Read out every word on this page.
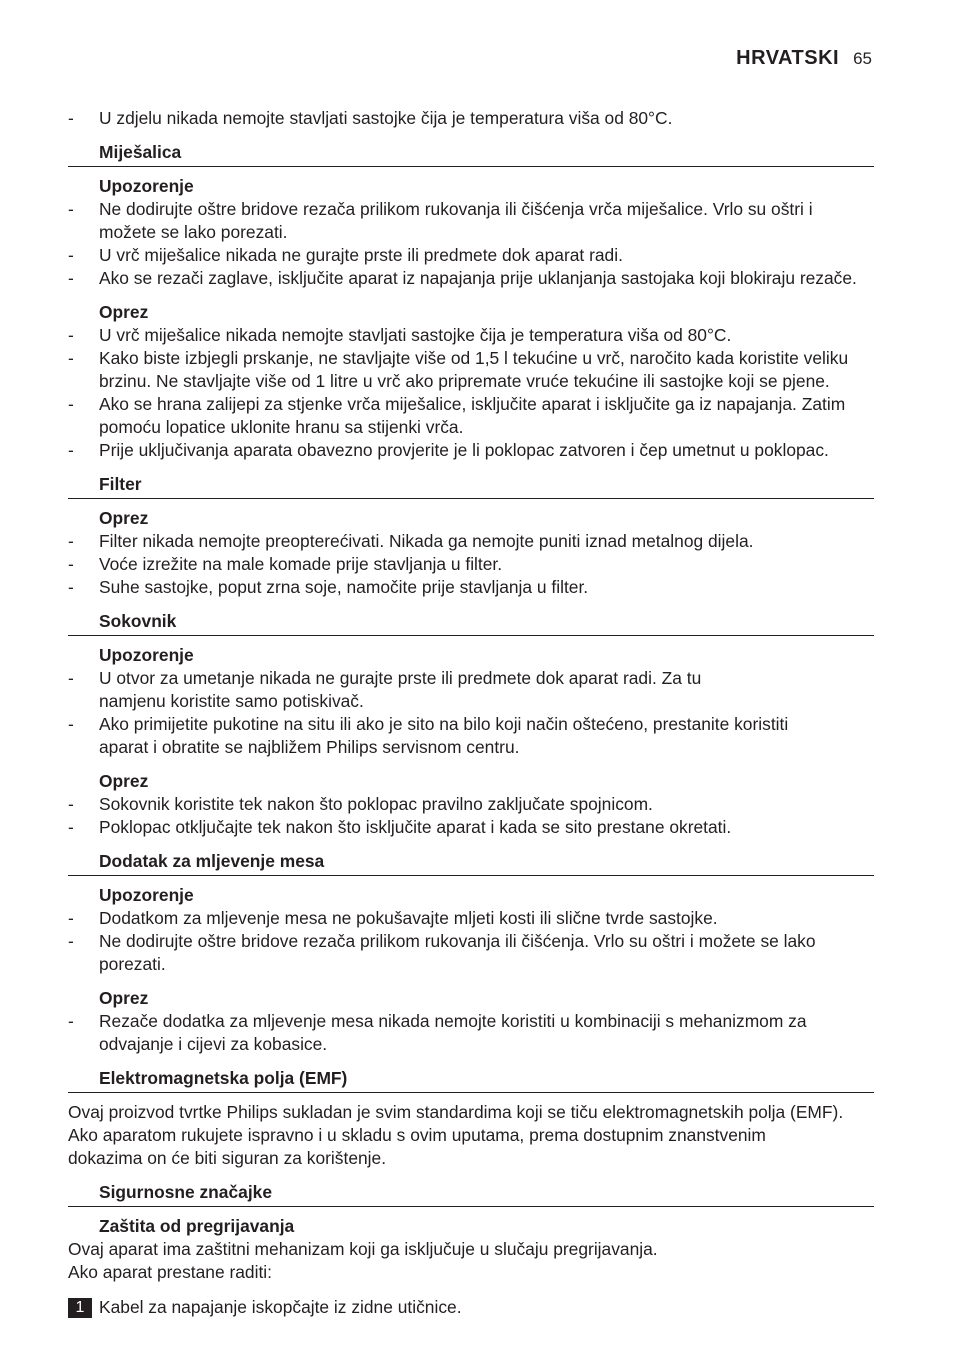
HRVATSKI 65
- U zdjelu nikada nemojte stavljati sastojke čija je temperatura viša od 80°C.
Miješalica
Upozorenje
- Ne dodirujte oštre bridove rezača prilikom rukovanja ili čišćenja vrča miješalice. Vrlo su oštri i možete se lako porezati.
- U vrč miješalice nikada ne gurajte prste ili predmete dok aparat radi.
- Ako se rezači zaglave, isključite aparat iz napajanja prije uklanjanja sastojaka koji blokiraju rezače.
Oprez
- U vrč miješalice nikada nemojte stavljati sastojke čija je temperatura viša od 80°C.
- Kako biste izbjegli prskanje, ne stavljajte više od 1,5 l tekućine u vrč, naročito kada koristite veliku brzinu. Ne stavljajte više od 1 litre u vrč ako pripremate vruće tekućine ili sastojke koji se pjene.
- Ako se hrana zalijepi za stjenke vrča miješalice, isključite aparat i isključite ga iz napajanja. Zatim pomoću lopatice uklonite hranu sa stijenki vrča.
- Prije uključivanja aparata obavezno provjerite je li poklopac zatvoren i čep umetnut u poklopac.
Filter
Oprez
- Filter nikada nemojte preopterećivati. Nikada ga nemojte puniti iznad metalnog dijela.
- Voće izrežite na male komade prije stavljanja u filter.
- Suhe sastojke, poput zrna soje, namočite prije stavljanja u filter.
Sokovnik
Upozorenje
- U otvor za umetanje nikada ne gurajte prste ili predmete dok aparat radi. Za tu namjenu koristite samo potiskivač.
- Ako primijetite pukotine na situ ili ako je sito na bilo koji način oštećeno, prestanite koristiti aparat i obratite se najbližem Philips servisnom centru.
Oprez
- Sokovnik koristite tek nakon što poklopac pravilno zaključate spojnicom.
- Poklopac otključajte tek nakon što isključite aparat i kada se sito prestane okretati.
Dodatak za mljevenje mesa
Upozorenje
- Dodatkom za mljevenje mesa ne pokušavajte mljeti kosti ili slične tvrde sastojke.
- Ne dodirujte oštre bridove rezača prilikom rukovanja ili čišćenja. Vrlo su oštri i možete se lako porezati.
Oprez
- Rezače dodatka za mljevenje mesa nikada nemojte koristiti u kombinaciji s mehanizmom za odvajanje i cijevi za kobasice.
Elektromagnetska polja (EMF)
Ovaj proizvod tvrtke Philips sukladan je svim standardima koji se tiču elektromagnetskih polja (EMF).
Ako aparatom rukujete ispravno i u skladu s ovim uputama, prema dostupnim znanstvenim
dokazima on će biti siguran za korištenje.
Sigurnosne značajke
Zaštita od pregrijavanja
Ovaj aparat ima zaštitni mehanizam koji ga isključuje u slučaju pregrijavanja.
Ako aparat prestane raditi:
1 Kabel za napajanje iskopčajte iz zidne utičnice.
